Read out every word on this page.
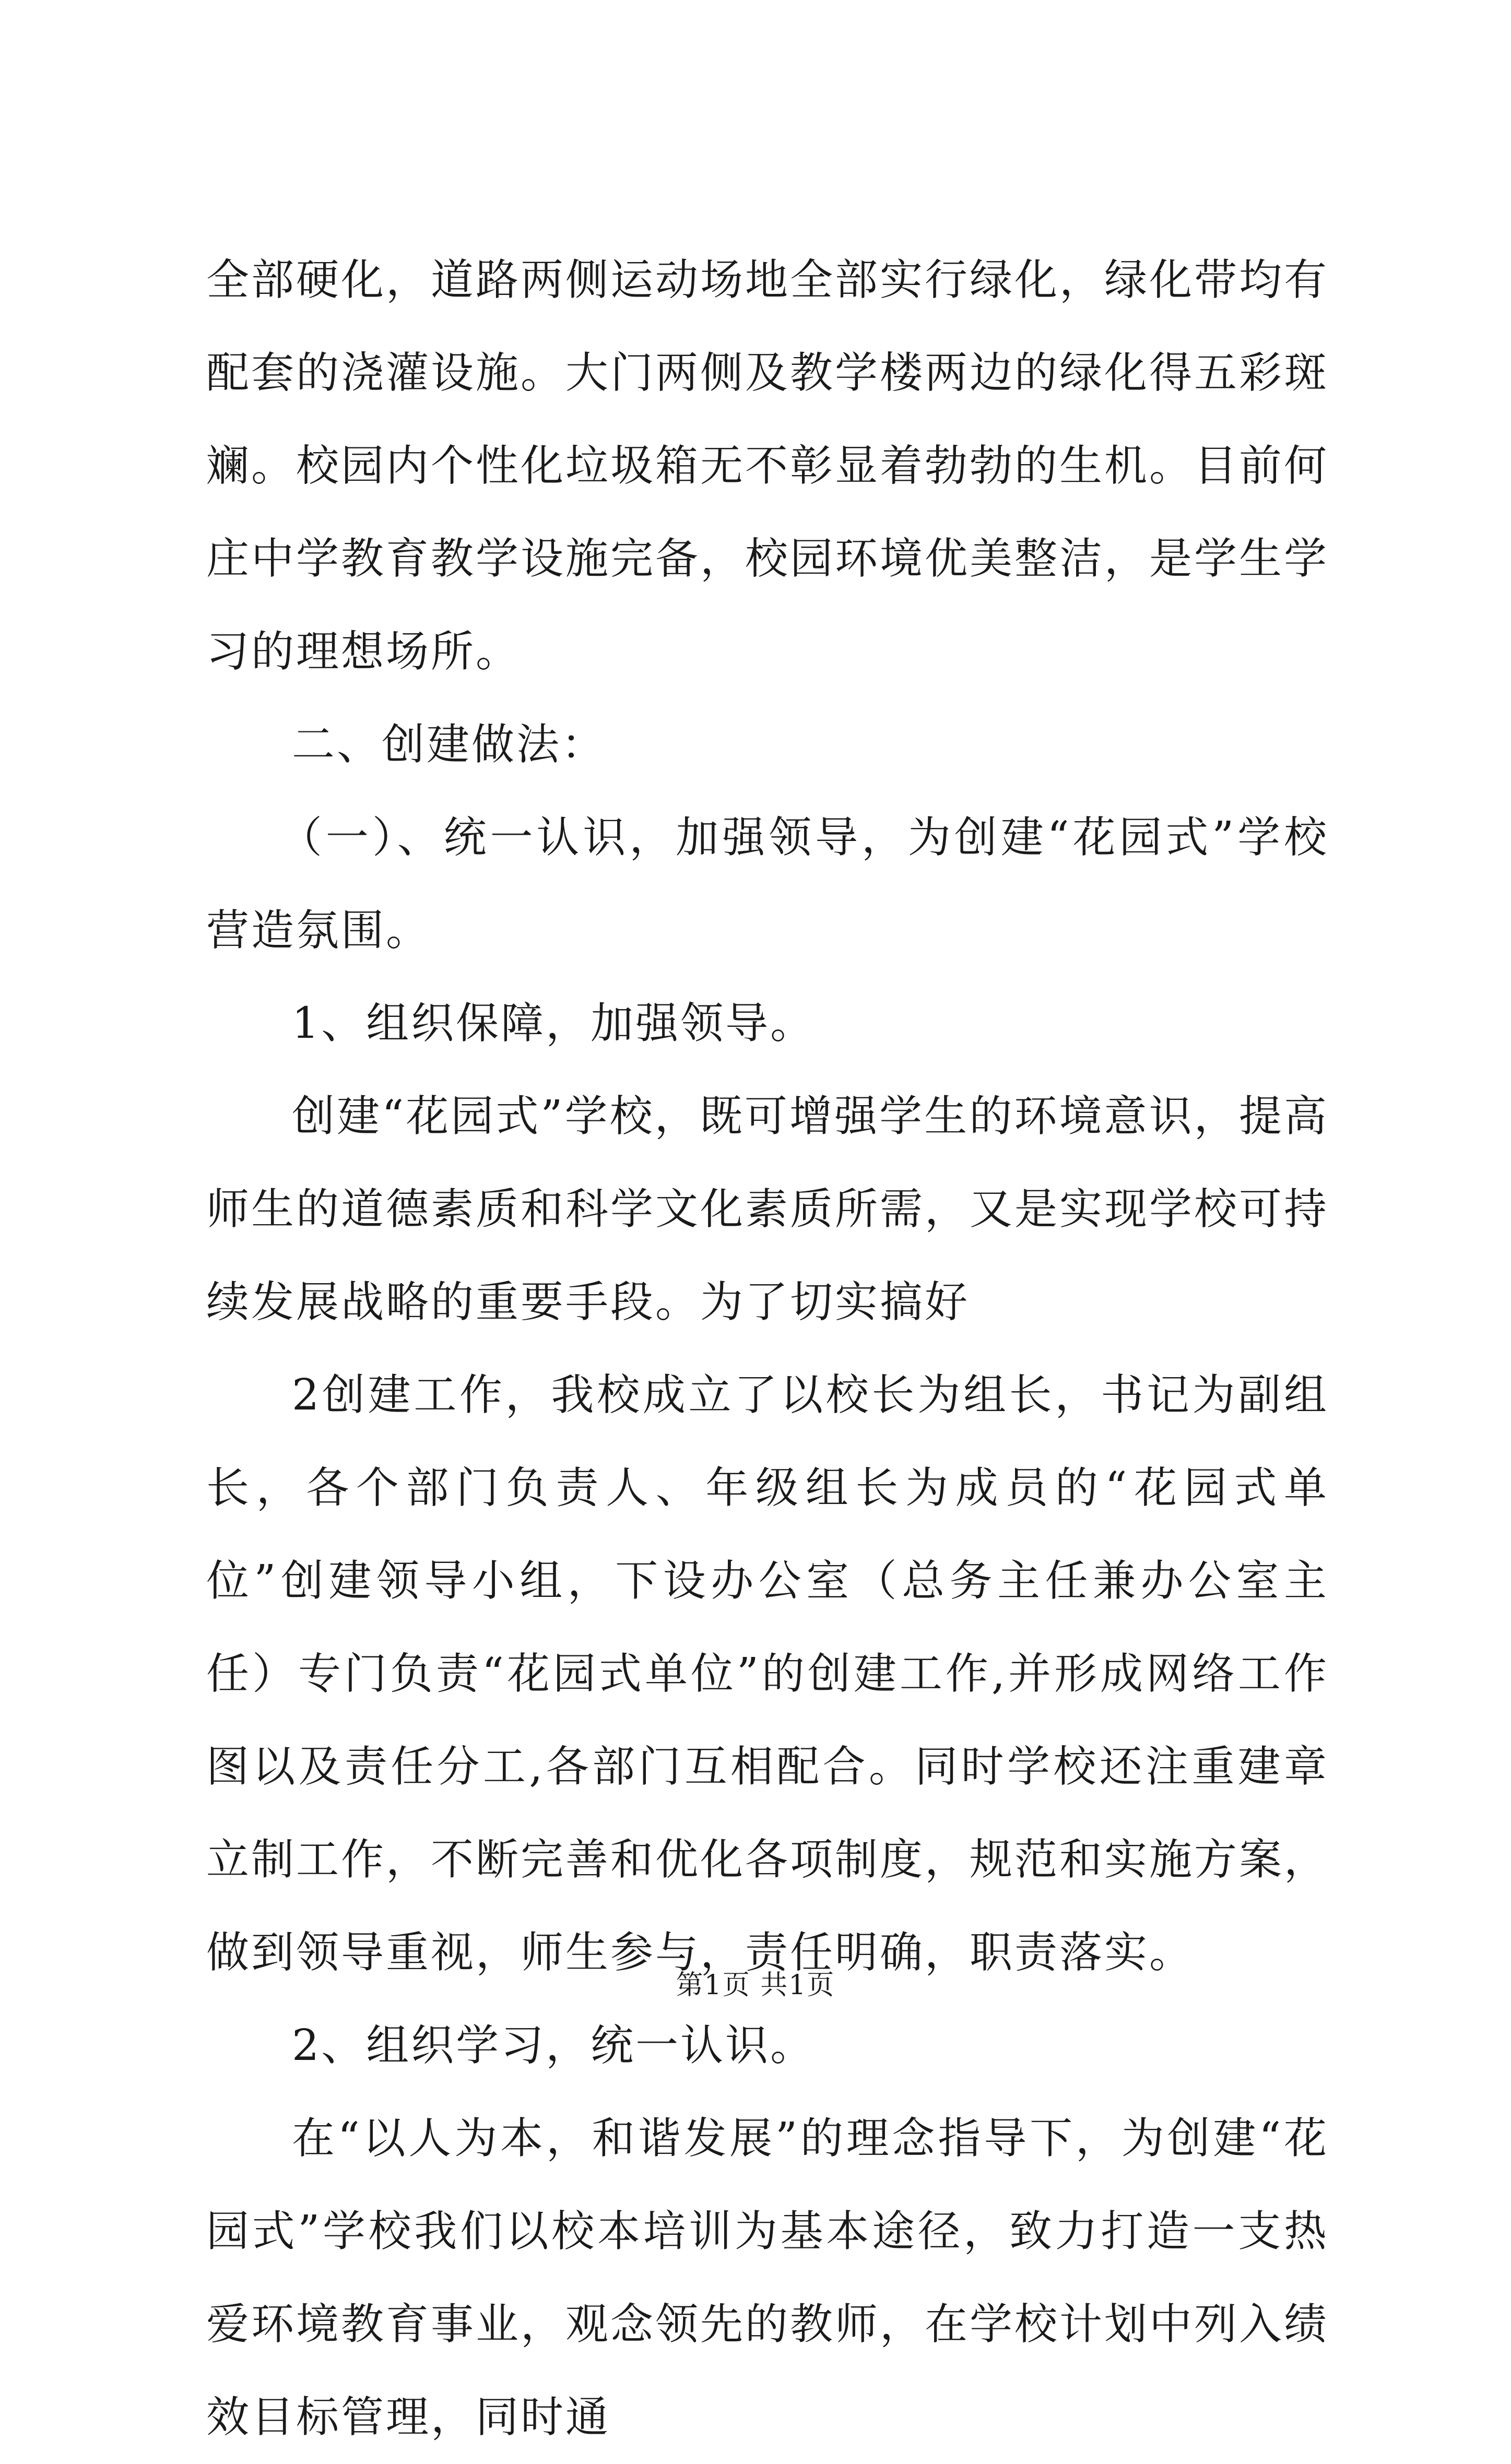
全部硬化，道路两侧运动场地全部实行绿化，绿化带均有配套的浇灌设施。大门两侧及教学楼两边的绿化得五彩斑斓。校园内个性化垃圾箱无不彰显着勃勃的生机。目前何庄中学教育教学设施完备，校园环境优美整洁，是学生学习的理想场所。

二、创建做法：

（一）、统一认识，加强领导，为创建“花园式”学校营造氛围。

1、组织保障，加强领导。

创建“花园式”学校，既可增强学生的环境意识，提高师生的道德素质和科学文化素质所需，又是实现学校可持续发展战略的重要手段。为了切实搞好

2创建工作，我校成立了以校长为组长，书记为副组长，各个部门负责人、年级组长为成员的“花园式单位”创建领导小组，下设办公室（总务主任兼办公室主任）专门负责“花园式单位”的创建工作,并形成网络工作图以及责任分工,各部门互相配合。同时学校还注重建章立制工作，不断完善和优化各项制度，规范和实施方案，做到领导重视，师生参与，责任明确，职责落实。

2、组织学习，统一认识。

在“以人为本，和谐发展”的理念指导下，为创建“花园式”学校我们以校本培训为基本途径，致力打造一支热爱环境教育事业，观念领先的教师，在学校计划中列入绩效目标管理，同时通

第1页 共1页
